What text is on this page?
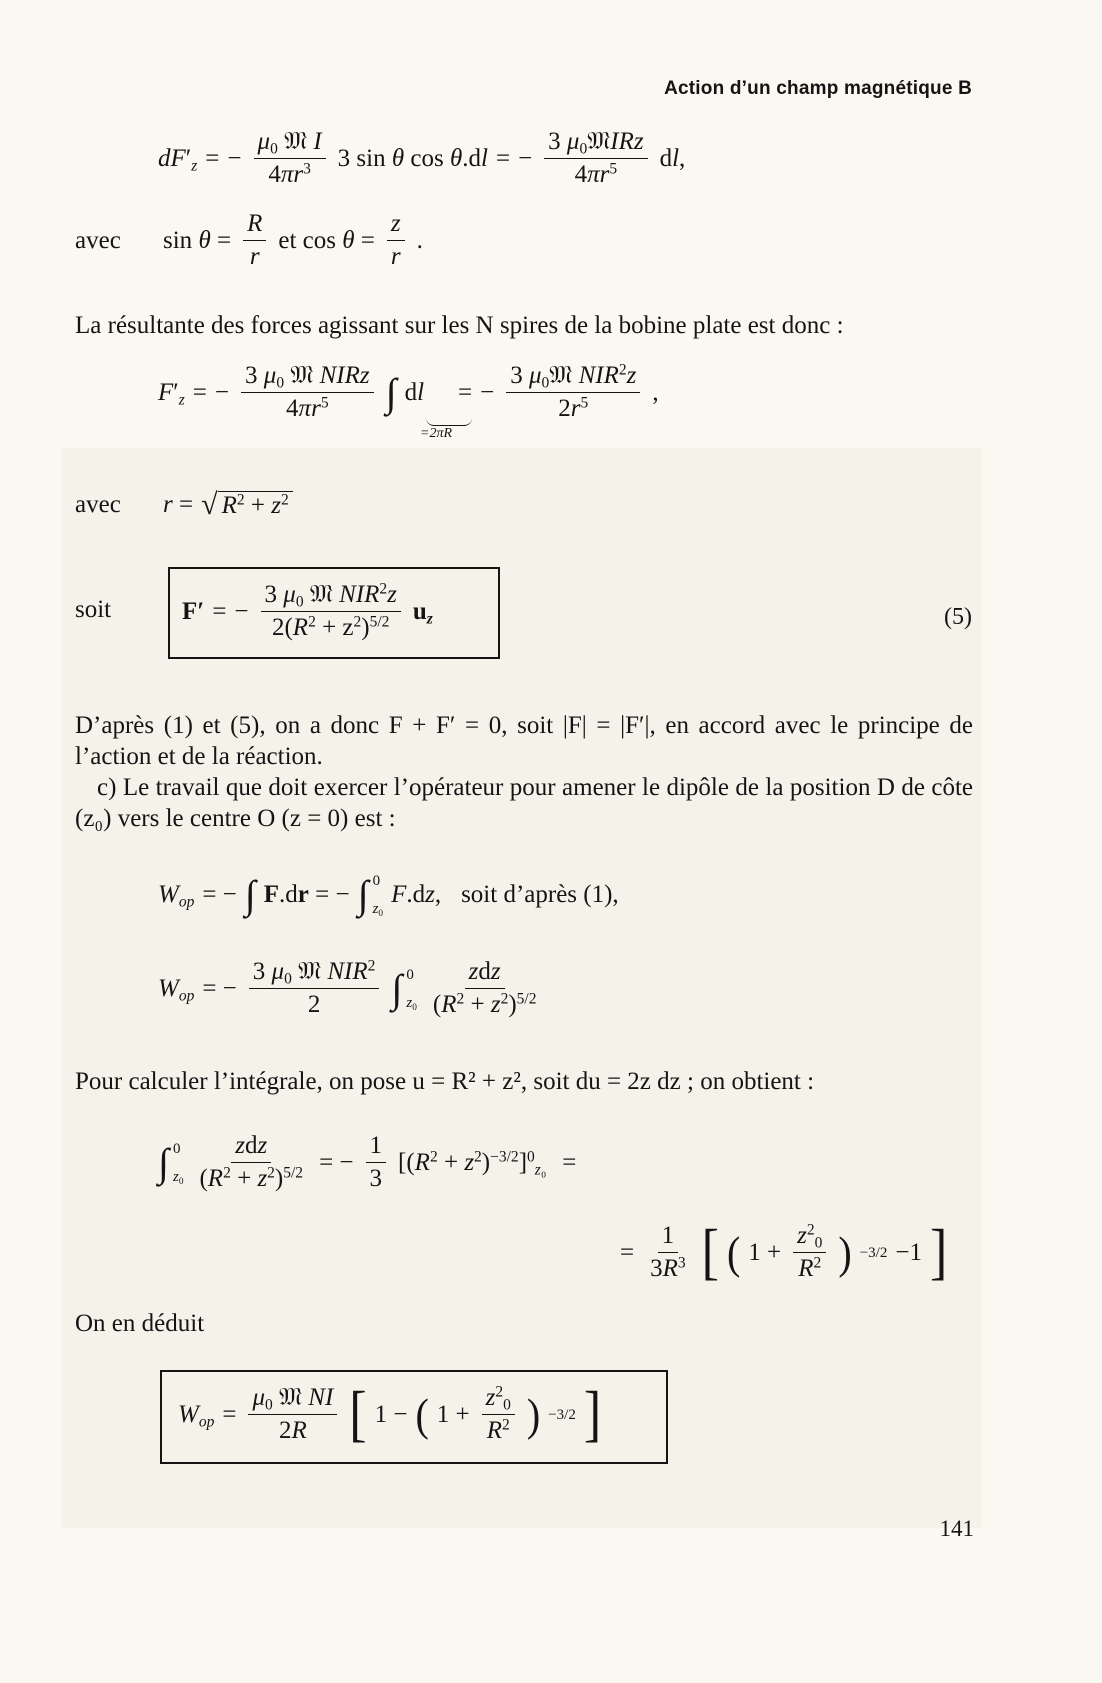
Action d’un champ magnétique B
$dF'_z$ = − $\frac{\mu_0 𝔐 I}{4\pi r^3} 3$ sin θ cos θ.dl = − $\frac{3 \mu_0𝔐IRz}{4\pi r^5}$ dl,
avec	$\sin \theta = \frac{R}{r}$ et $\cos \theta = \frac{z}{r}$ .
La résultante des forces agissant sur les N spires de la bobine plate est donc :
$F'_z$ = − $\frac{3 \mu_0 𝔐 NIRz}{4\pi r^5}$ ∫ dl = − $\frac{3 \mu_0𝔐 NIR^2z}{2r^5}$ ,
=2πR
avec	r = √ $R^2 + z^2$
soit	F′ = − $\frac{3 \mu_0 𝔐 NIR^2z}{2(R^2 + z^2)^{5/2}} u_z$	(5)
D’après (1) et (5), on a donc F + F′ = 0, soit |F| = |F′|, en accord avec le principe de l’action et de la réaction.
c) Le travail que doit exercer l’opérateur pour amener le dipôle de la position D de côte (z₀) vers le centre O (z = 0) est :
$W_{op}$ = − ∫ F.dr = − ∫ 0
$z_0$
F.dz, soit d’après (1),
$W_{op}$ = − $\frac{3 \mu_0 𝔐 NIR^2}{2}$ ∫ 0
$z_0 \frac{\text{zdz}}{(R^2 + z^2)^{5/2}}$
Pour calculer l’intégrale, on pose u = R² + z², soit du = 2z dz ; on obtient :
∫ 0
$z_0 \frac{\text{zdz}}{(R^2 + z^2)^{5/2}}$ = − $\frac{1}{3} [(R^2 + z^2)^{-3/2}]^0_{z_0}$ =
= $\frac{1}{3R^3}$ [ ( $1 + \frac{z^2_0}{R^2}$ ) −3/2 −1 ]
On en déduit
$W_{op} = \frac{\mu_0 𝔐 NI}{2R}$ [ 1 − ( $1 + \frac{z^2_0}{R^2}$ ) −3/2 ]
141
